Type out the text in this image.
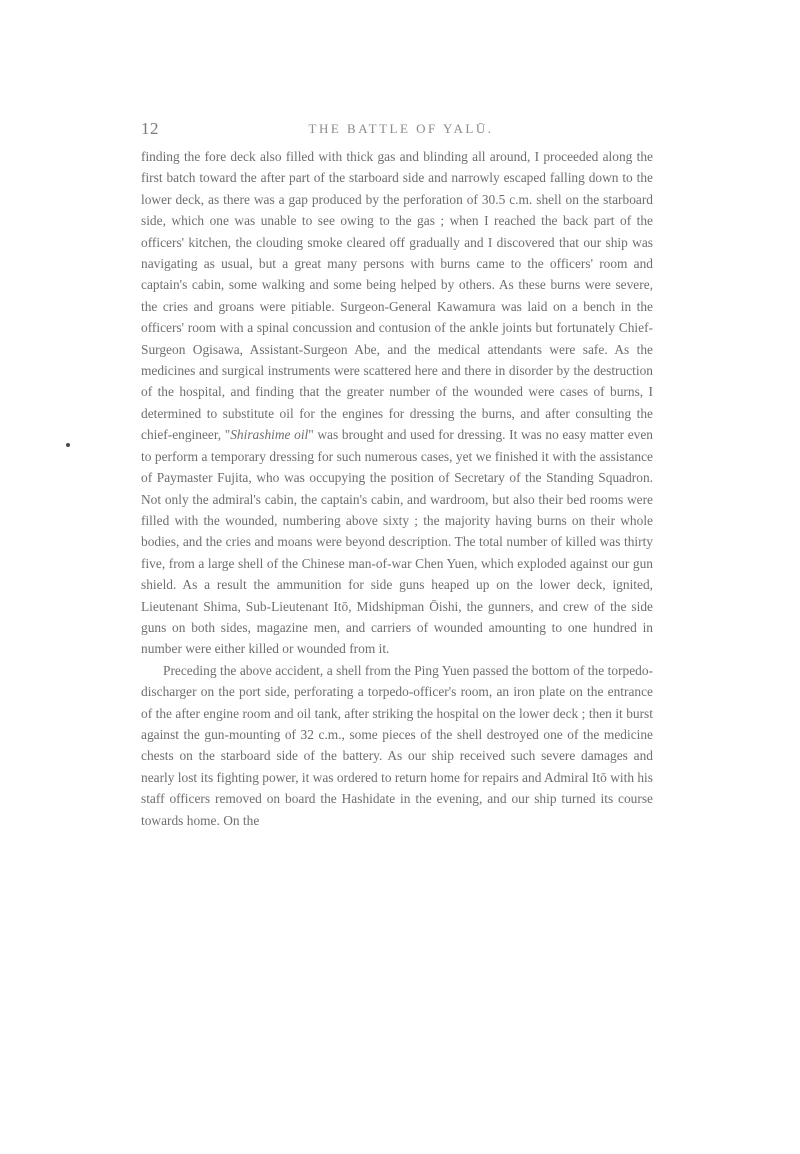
12	THE BATTLE OF YALŪ.

finding the fore deck also filled with thick gas and blinding all around, I proceeded along the first batch toward the after part of the starboard side and narrowly escaped falling down to the lower deck, as there was a gap produced by the perforation of 30.5 c.m. shell on the starboard side, which one was unable to see owing to the gas ; when I reached the back part of the officers' kitchen, the clouding smoke cleared off gradually and I discovered that our ship was navigating as usual, but a great many persons with burns came to the officers' room and captain's cabin, some walking and some being helped by others. As these burns were severe, the cries and groans were pitiable. Surgeon-General Kawamura was laid on a bench in the officers' room with a spinal concussion and contusion of the ankle joints but fortunately Chief-Surgeon Ogisawa, Assistant-Surgeon Abe, and the medical attendants were safe. As the medicines and surgical instruments were scattered here and there in disorder by the destruction of the hospital, and finding that the greater number of the wounded were cases of burns, I determined to substitute oil for the engines for dressing the burns, and after consulting the chief-engineer, "Shirashime oil" was brought and used for dressing. It was no easy matter even to perform a temporary dressing for such numerous cases, yet we finished it with the assistance of Paymaster Fujita, who was occupying the position of Secretary of the Standing Squadron. Not only the admiral's cabin, the captain's cabin, and wardroom, but also their bed rooms were filled with the wounded, numbering above sixty ; the majority having burns on their whole bodies, and the cries and moans were beyond description. The total number of killed was thirty five, from a large shell of the Chinese man-of-war Chen Yuen, which exploded against our gun shield. As a result the ammunition for side guns heaped up on the lower deck, ignited, Lieutenant Shima, Sub-Lieutenant Itō, Midshipman Ōishi, the gunners, and crew of the side guns on both sides, magazine men, and carriers of wounded amounting to one hundred in number were either killed or wounded from it.

Preceding the above accident, a shell from the Ping Yuen passed the bottom of the torpedo-discharger on the port side, perforating a torpedo-officer's room, an iron plate on the entrance of the after engine room and oil tank, after striking the hospital on the lower deck ; then it burst against the gun-mounting of 32 c.m., some pieces of the shell destroyed one of the medicine chests on the starboard side of the battery. As our ship received such severe damages and nearly lost its fighting power, it was ordered to return home for repairs and Admiral Itō with his staff officers removed on board the Hashidate in the evening, and our ship turned its course towards home. On the
